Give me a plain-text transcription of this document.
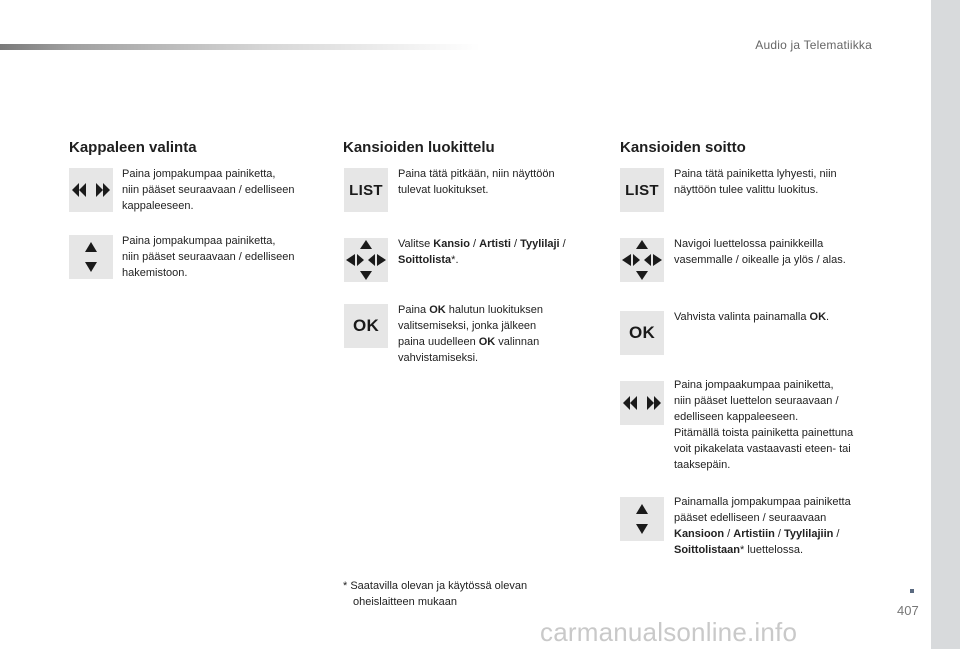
Audio ja Telematiikka
Kappaleen valinta	Kansioiden luokittelu	Kansioiden soitto
Paina jompakumpaa painiketta,
niin pääset seuraavaan / edelliseen
kappaleeseen.
Paina jompakumpaa painiketta,
niin pääset seuraavaan / edelliseen
hakemistoon.
LIST
Paina tätä pitkään, niin näyttöön
tulevat luokitukset.
Valitse Kansio / Artisti / Tyylilaji /
Soittolista*.
OK
Paina OK halutun luokituksen
valitsemiseksi, jonka jälkeen
paina uudelleen OK valinnan
vahvistamiseksi.
LIST
Paina tätä painiketta lyhyesti, niin
näyttöön tulee valittu luokitus.
Navigoi luettelossa painikkeilla
vasemmalle / oikealle ja ylös / alas.
OK
Vahvista valinta painamalla OK.
Paina jompaakumpaa painiketta,
niin pääset luettelon seuraavaan /
edelliseen kappaleeseen.
Pitämällä toista painiketta painettuna
voit pikakelata vastaavasti eteen- tai
taaksepäin.
Painamalla jompakumpaa painiketta
pääset edelliseen / seuraavaan
Kansioon / Artistiin / Tyylilajiin /
Soittolistaan* luettelossa.
* Saatavilla olevan ja käytössä olevan
oheislaitteen mukaan
407
carmanualsonline.info
